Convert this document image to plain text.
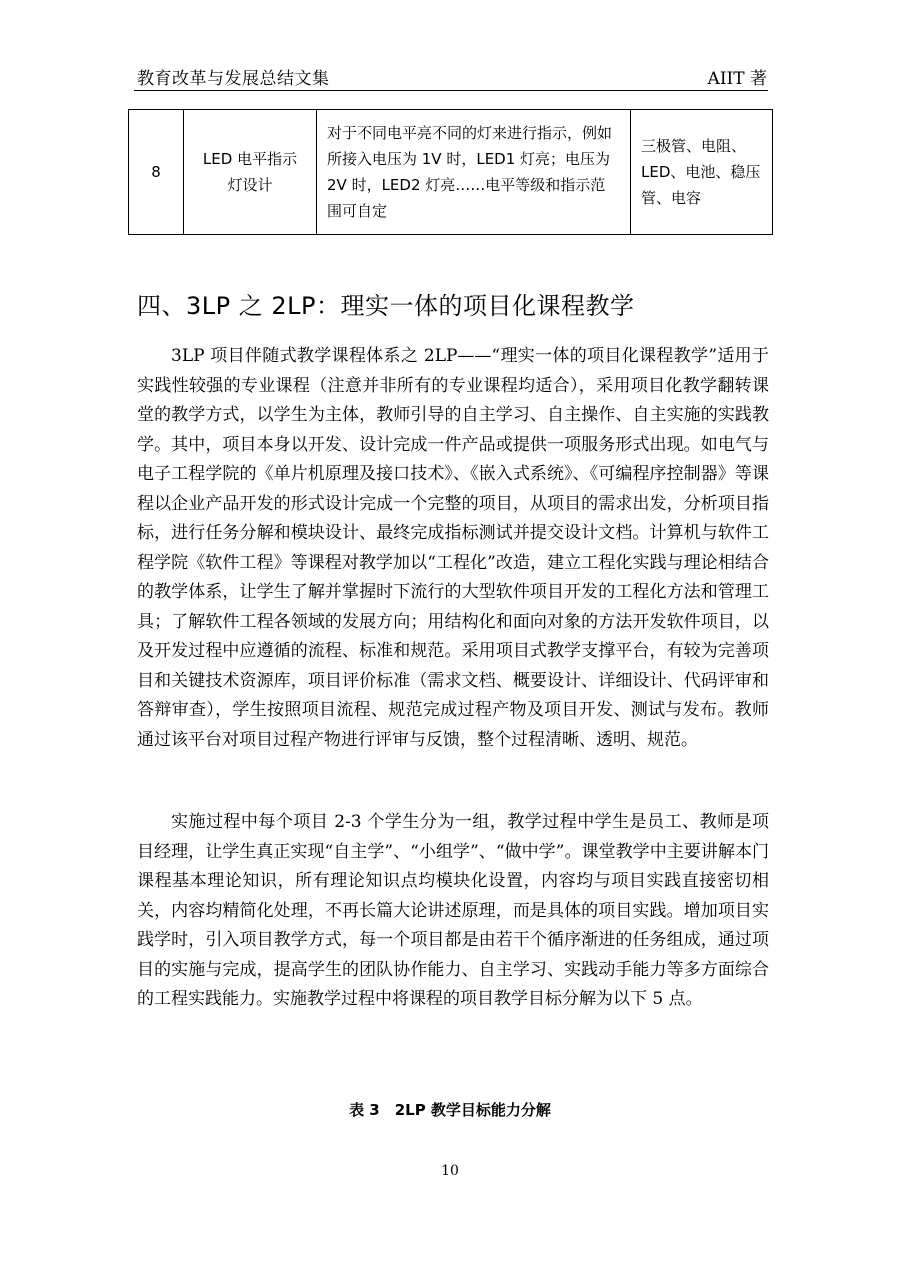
教育改革与发展总结文集	AIIT 著
8	LED 电平指示灯设计	对于不同电平亮不同的灯来进行指示，例如所接入电压为 1V 时，LED1 灯亮；电压为 2V 时，LED2 灯亮……电平等级和指示范围可自定	三极管、电阻、LED、电池、稳压管、电容
四、3LP 之 2LP：理实一体的项目化课程教学

3LP 项目伴随式教学课程体系之 2LP——“理实一体的项目化课程教学”适用于实践性较强的专业课程（注意并非所有的专业课程均适合），采用项目化教学翻转课堂的教学方式，以学生为主体，教师引导的自主学习、自主操作、自主实施的实践教学。其中，项目本身以开发、设计完成一件产品或提供一项服务形式出现。如电气与电子工程学院的《单片机原理及接口技术》、《嵌入式系统》、《可编程序控制器》等课程以企业产品开发的形式设计完成一个完整的项目，从项目的需求出发，分析项目指标，进行任务分解和模块设计、最终完成指标测试并提交设计文档。计算机与软件工程学院《软件工程》等课程对教学加以“工程化”改造，建立工程化实践与理论相结合的教学体系，让学生了解并掌握时下流行的大型软件项目开发的工程化方法和管理工具；了解软件工程各领域的发展方向；用结构化和面向对象的方法开发软件项目，以及开发过程中应遵循的流程、标准和规范。采用项目式教学支撑平台，有较为完善项目和关键技术资源库，项目评价标准（需求文档、概要设计、详细设计、代码评审和答辩审查），学生按照项目流程、规范完成过程产物及项目开发、测试与发布。教师通过该平台对项目过程产物进行评审与反馈，整个过程清晰、透明、规范。

实施过程中每个项目 2-3 个学生分为一组，教学过程中学生是员工、教师是项目经理，让学生真正实现“自主学”、“小组学”、“做中学”。课堂教学中主要讲解本门课程基本理论知识，所有理论知识点均模块化设置，内容均与项目实践直接密切相关，内容均精简化处理，不再长篇大论讲述原理，而是具体的项目实践。增加项目实践学时，引入项目教学方式，每一个项目都是由若干个循序渐进的任务组成，通过项目的实施与完成，提高学生的团队协作能力、自主学习、实践动手能力等多方面综合的工程实践能力。实施教学过程中将课程的项目教学目标分解为以下 5 点。

表 3　2LP 教学目标能力分解
10
